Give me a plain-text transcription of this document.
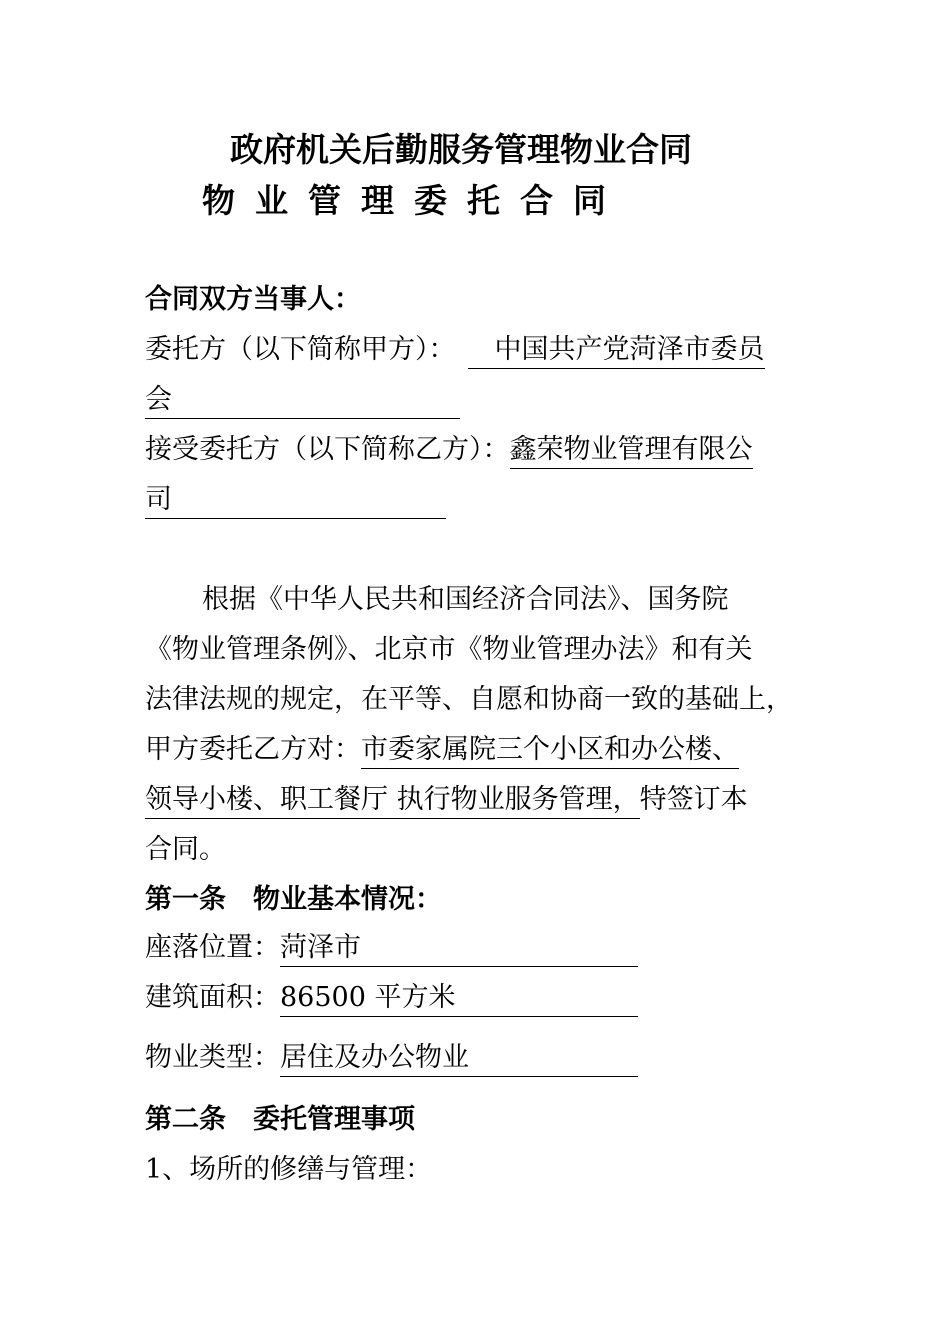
政府机关后勤服务管理物业合同
物业管理委托合同
合同双方当事人：
委托方（以下简称甲方）：　中国共产党菏泽市委员
会
接受委托方（以下简称乙方）：鑫荣物业管理有限公
司
根据《中华人民共和国经济合同法》、国务院
《物业管理条例》、北京市《物业管理办法》和有关
法律法规的规定，在平等、自愿和协商一致的基础上，
甲方委托乙方对：市委家属院三个小区和办公楼、
领导小楼、职工餐厅 执行物业服务管理，特签订本
合同。
第一条　物业基本情况：
座落位置：菏泽市
建筑面积：86500 平方米
物业类型：居住及办公物业
第二条　委托管理事项
1、场所的修缮与管理：
